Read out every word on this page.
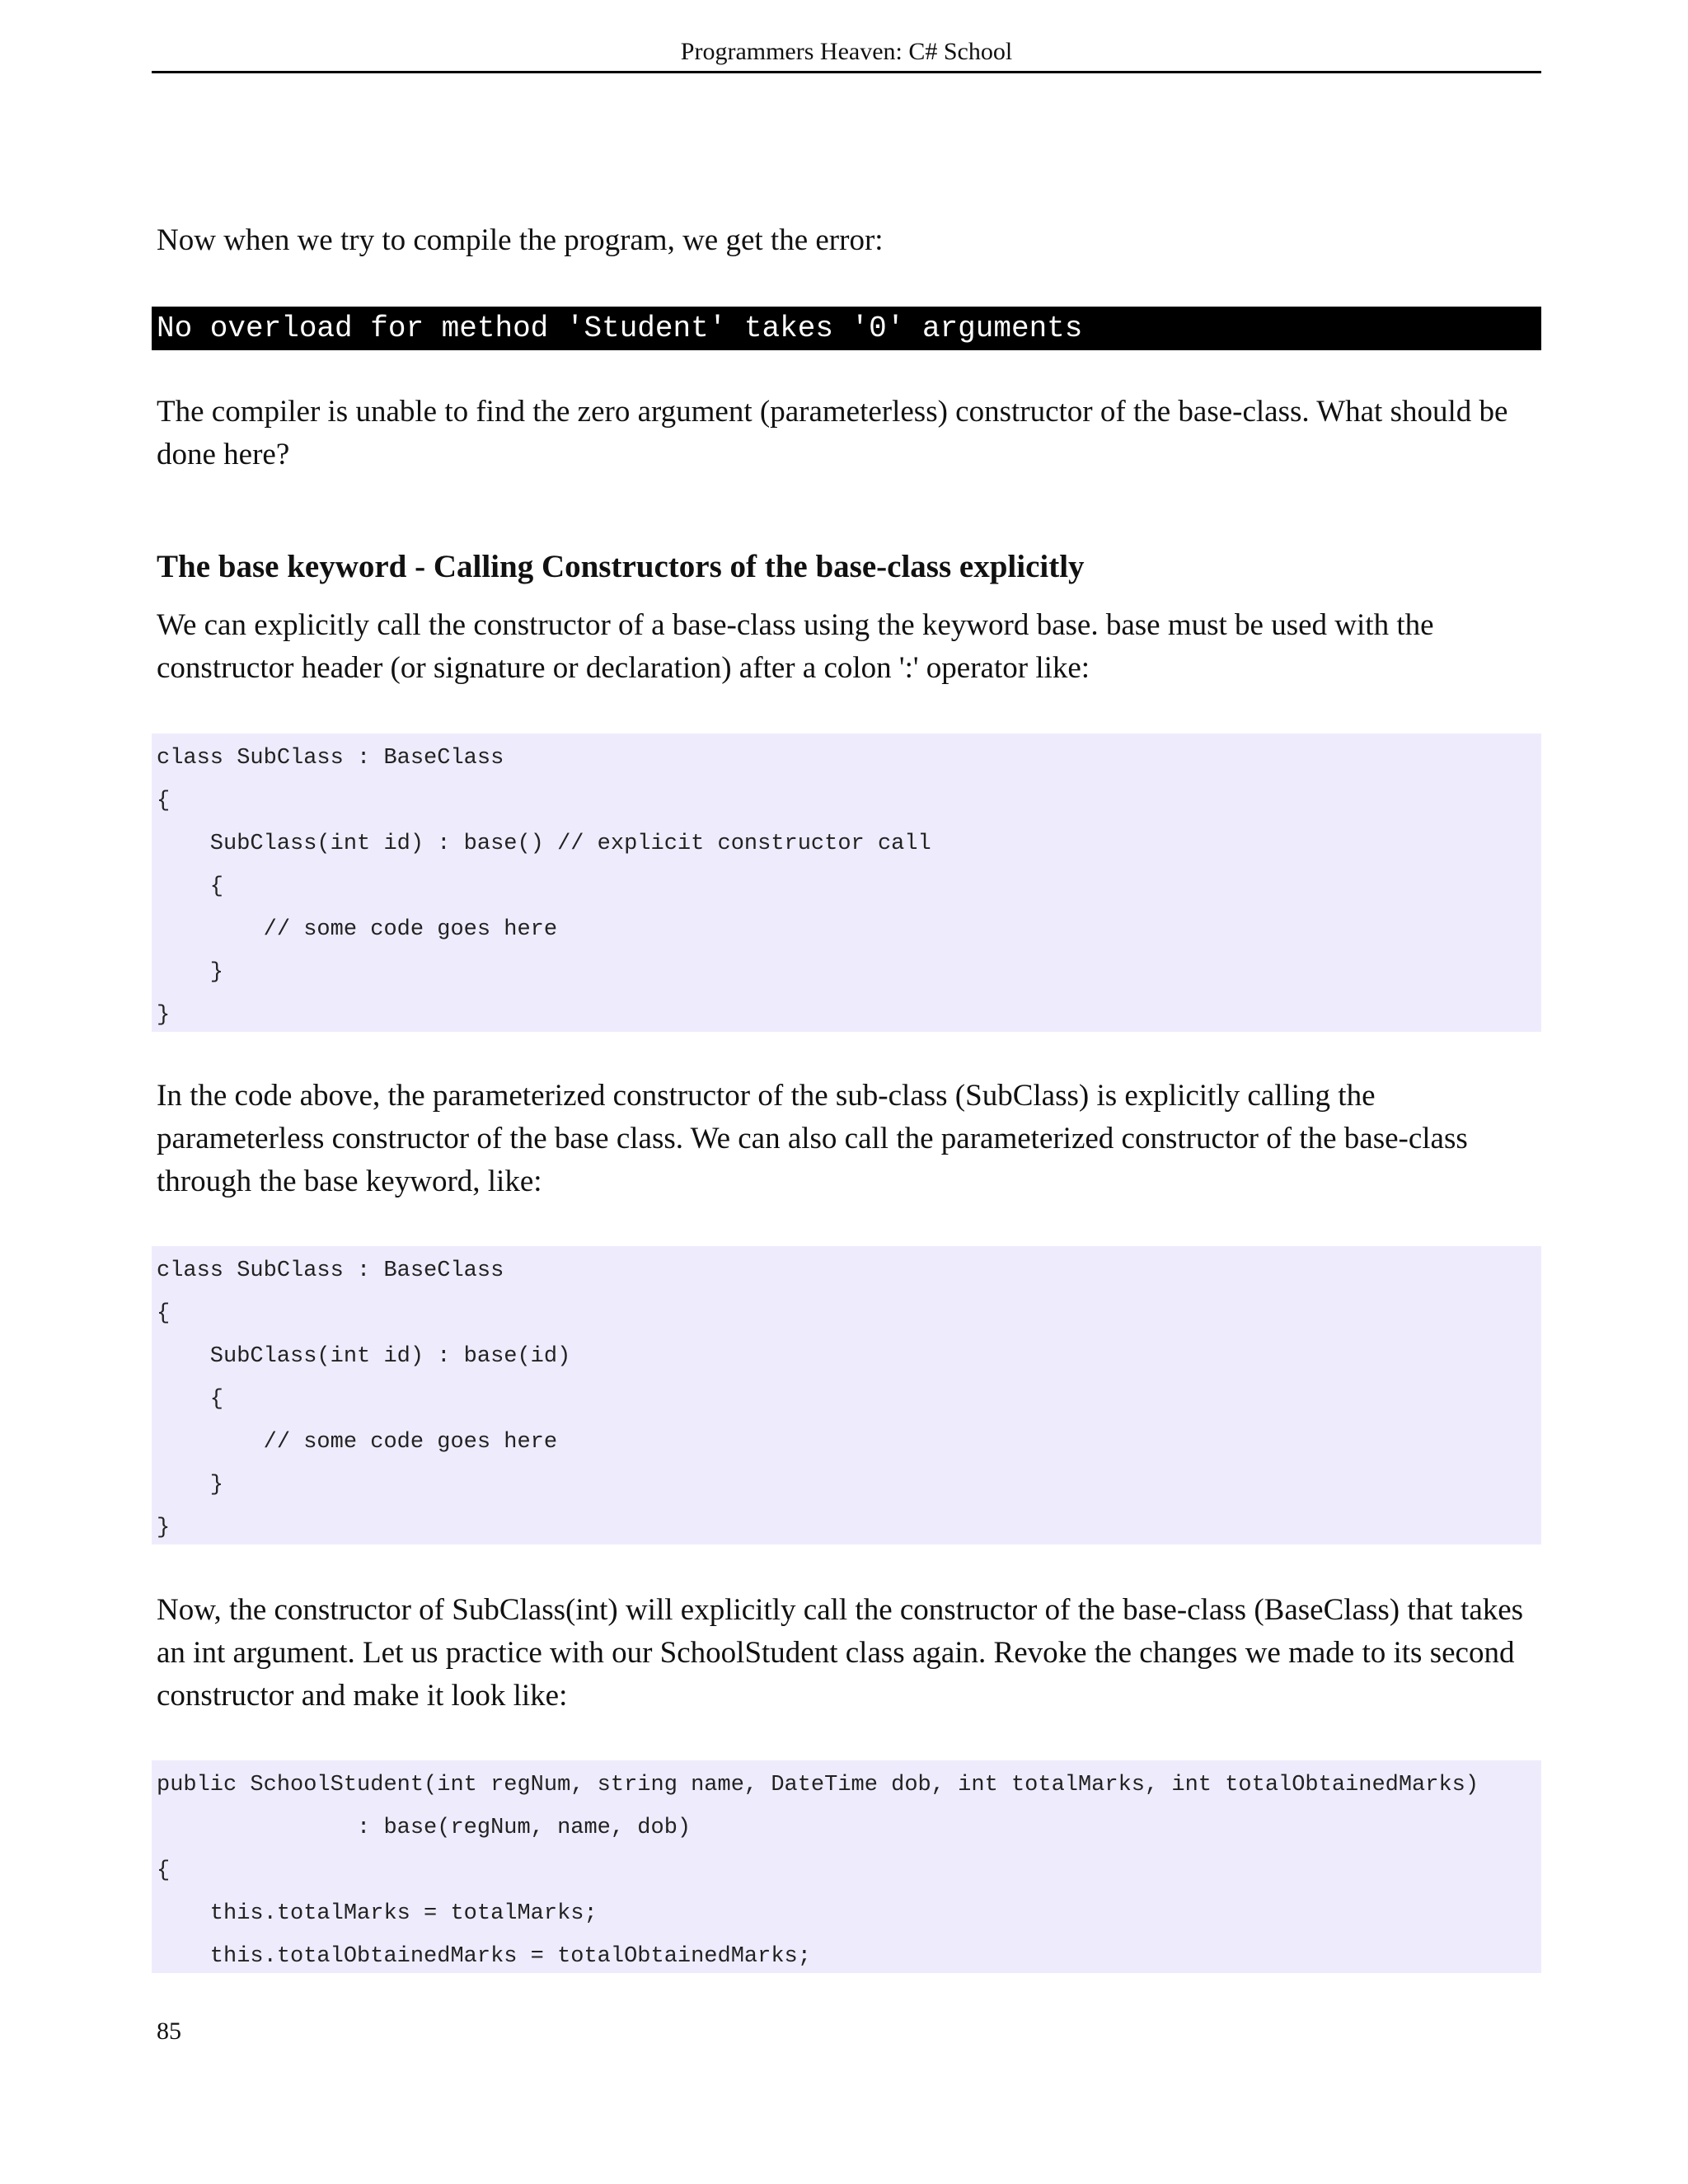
Programmers Heaven: C# School

Now when we try to compile the program, we get the error:

No overload for method 'Student' takes '0' arguments

The compiler is unable to find the zero argument (parameterless) constructor of the base-class. What should be done here?

The base keyword - Calling Constructors of the base-class explicitly

We can explicitly call the constructor of a base-class using the keyword base. base must be used with the constructor header (or signature or declaration) after a colon ':' operator like:

class SubClass : BaseClass
{
SubClass(int id) : base() // explicit constructor call
{
// some code goes here
}
}

In the code above, the parameterized constructor of the sub-class (SubClass) is explicitly calling the parameterless constructor of the base class. We can also call the parameterized constructor of the base-class through the base keyword, like:

class SubClass : BaseClass
{
SubClass(int id) : base(id)
{
// some code goes here
}
}

Now, the constructor of SubClass(int) will explicitly call the constructor of the base-class (BaseClass) that takes an int argument. Let us practice with our SchoolStudent class again. Revoke the changes we made to its second constructor and make it look like:

public SchoolStudent(int regNum, string name, DateTime dob, int totalMarks, int totalObtainedMarks)
: base(regNum, name, dob)
{
this.totalMarks = totalMarks;
this.totalObtainedMarks = totalObtainedMarks;
85
